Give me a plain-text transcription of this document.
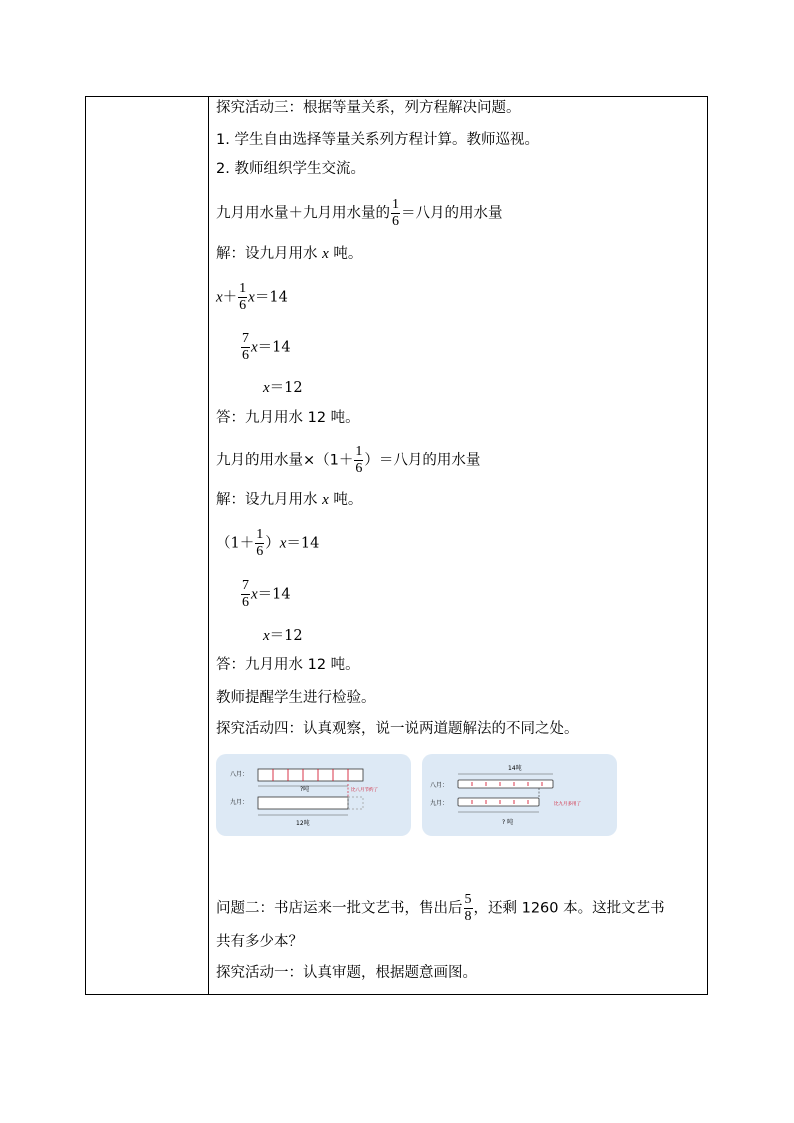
探究活动三：根据等量关系，列方程解决问题。
1. 学生自由选择等量关系列方程计算。教师巡视。
2. 教师组织学生交流。
九月用水量＋九月用水量的 $\frac{1}{6}$ ＝八月的用水量
解：设九月用水 x 吨。
$x+ \frac{1}{6} x=14$
$\frac{7}{6} x=14$
x＝12
答：九月用水 12 吨。
九月的用水量$\times(1+ \frac{1}{6}$ ）＝八月的用水量
解：设九月用水 x 吨。
$(1+ \frac{1}{6} )x=14$
$\frac{7}{6} x=14$
x＝12
答：九月用水 12 吨。
教师提醒学生进行检验。
探究活动四：认真观察，说一说两道题解法的不同之处。
八月：
?吨
九月：
比八月节约了
12吨
14吨
八月：
九月：	比九月多用了
? 吨
问题二：书店运来一批文艺书，售出后 $\frac{5}{8}$ ，还剩 1260 本。这批文艺书
共有多少本？
探究活动一：认真审题，根据题意画图。
